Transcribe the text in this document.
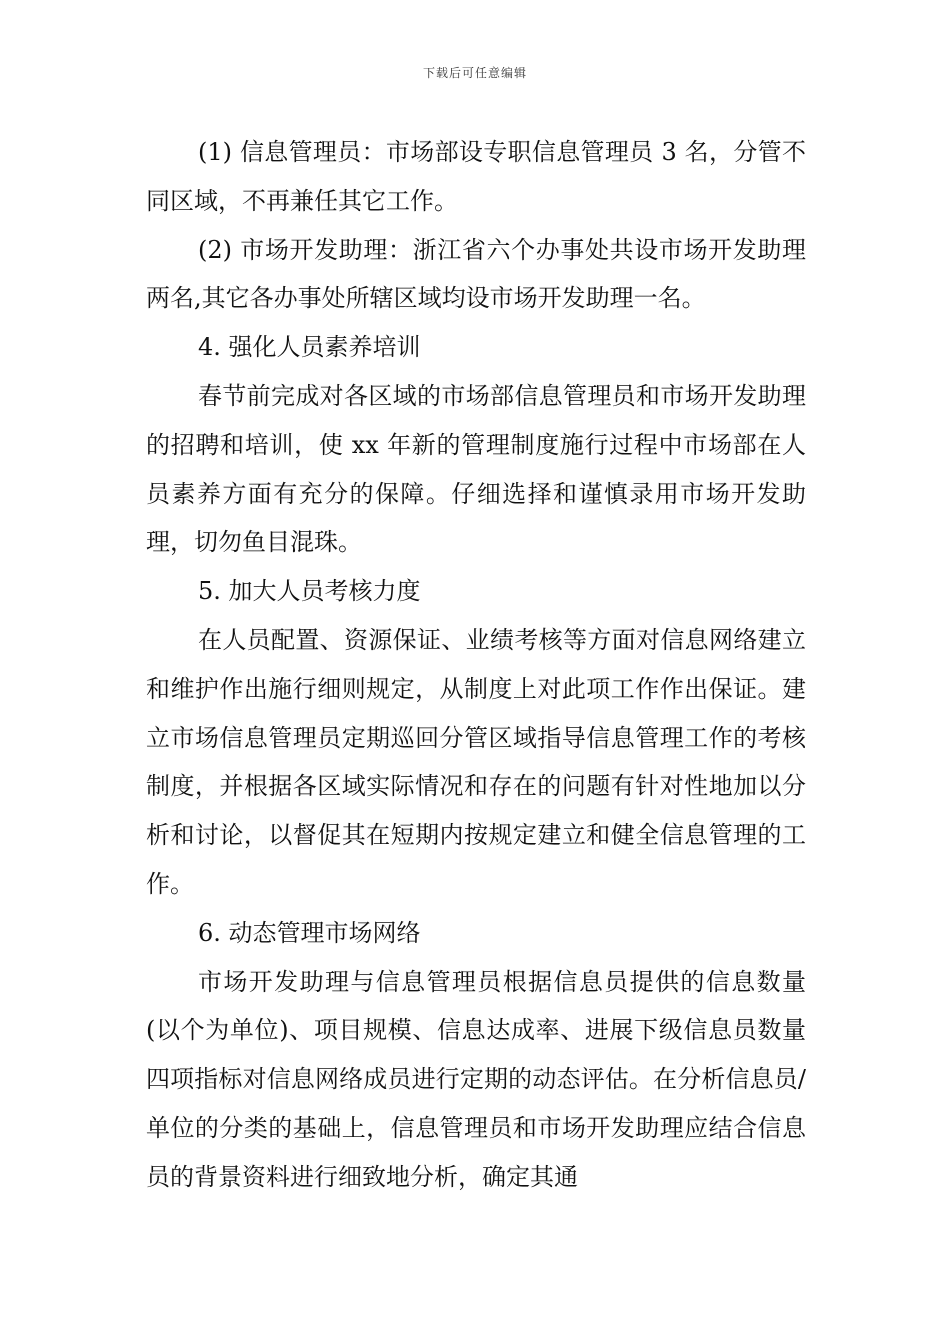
下载后可任意编辑

(1) 信息管理员：市场部设专职信息管理员 3 名，分管不同区域，不再兼任其它工作。

(2) 市场开发助理：浙江省六个办事处共设市场开发助理两名,其它各办事处所辖区域均设市场开发助理一名。

4. 强化人员素养培训

春节前完成对各区域的市场部信息管理员和市场开发助理的招聘和培训，使 xx 年新的管理制度施行过程中市场部在人员素养方面有充分的保障。仔细选择和谨慎录用市场开发助理，切勿鱼目混珠。

5. 加大人员考核力度

在人员配置、资源保证、业绩考核等方面对信息网络建立和维护作出施行细则规定，从制度上对此项工作作出保证。建立市场信息管理员定期巡回分管区域指导信息管理工作的考核制度，并根据各区域实际情况和存在的问题有针对性地加以分析和讨论，以督促其在短期内按规定建立和健全信息管理的工作。

6. 动态管理市场网络

市场开发助理与信息管理员根据信息员提供的信息数量(以个为单位)、项目规模、信息达成率、进展下级信息员数量四项指标对信息网络成员进行定期的动态评估。在分析信息员/单位的分类的基础上，信息管理员和市场开发助理应结合信息员的背景资料进行细致地分析，确定其通
